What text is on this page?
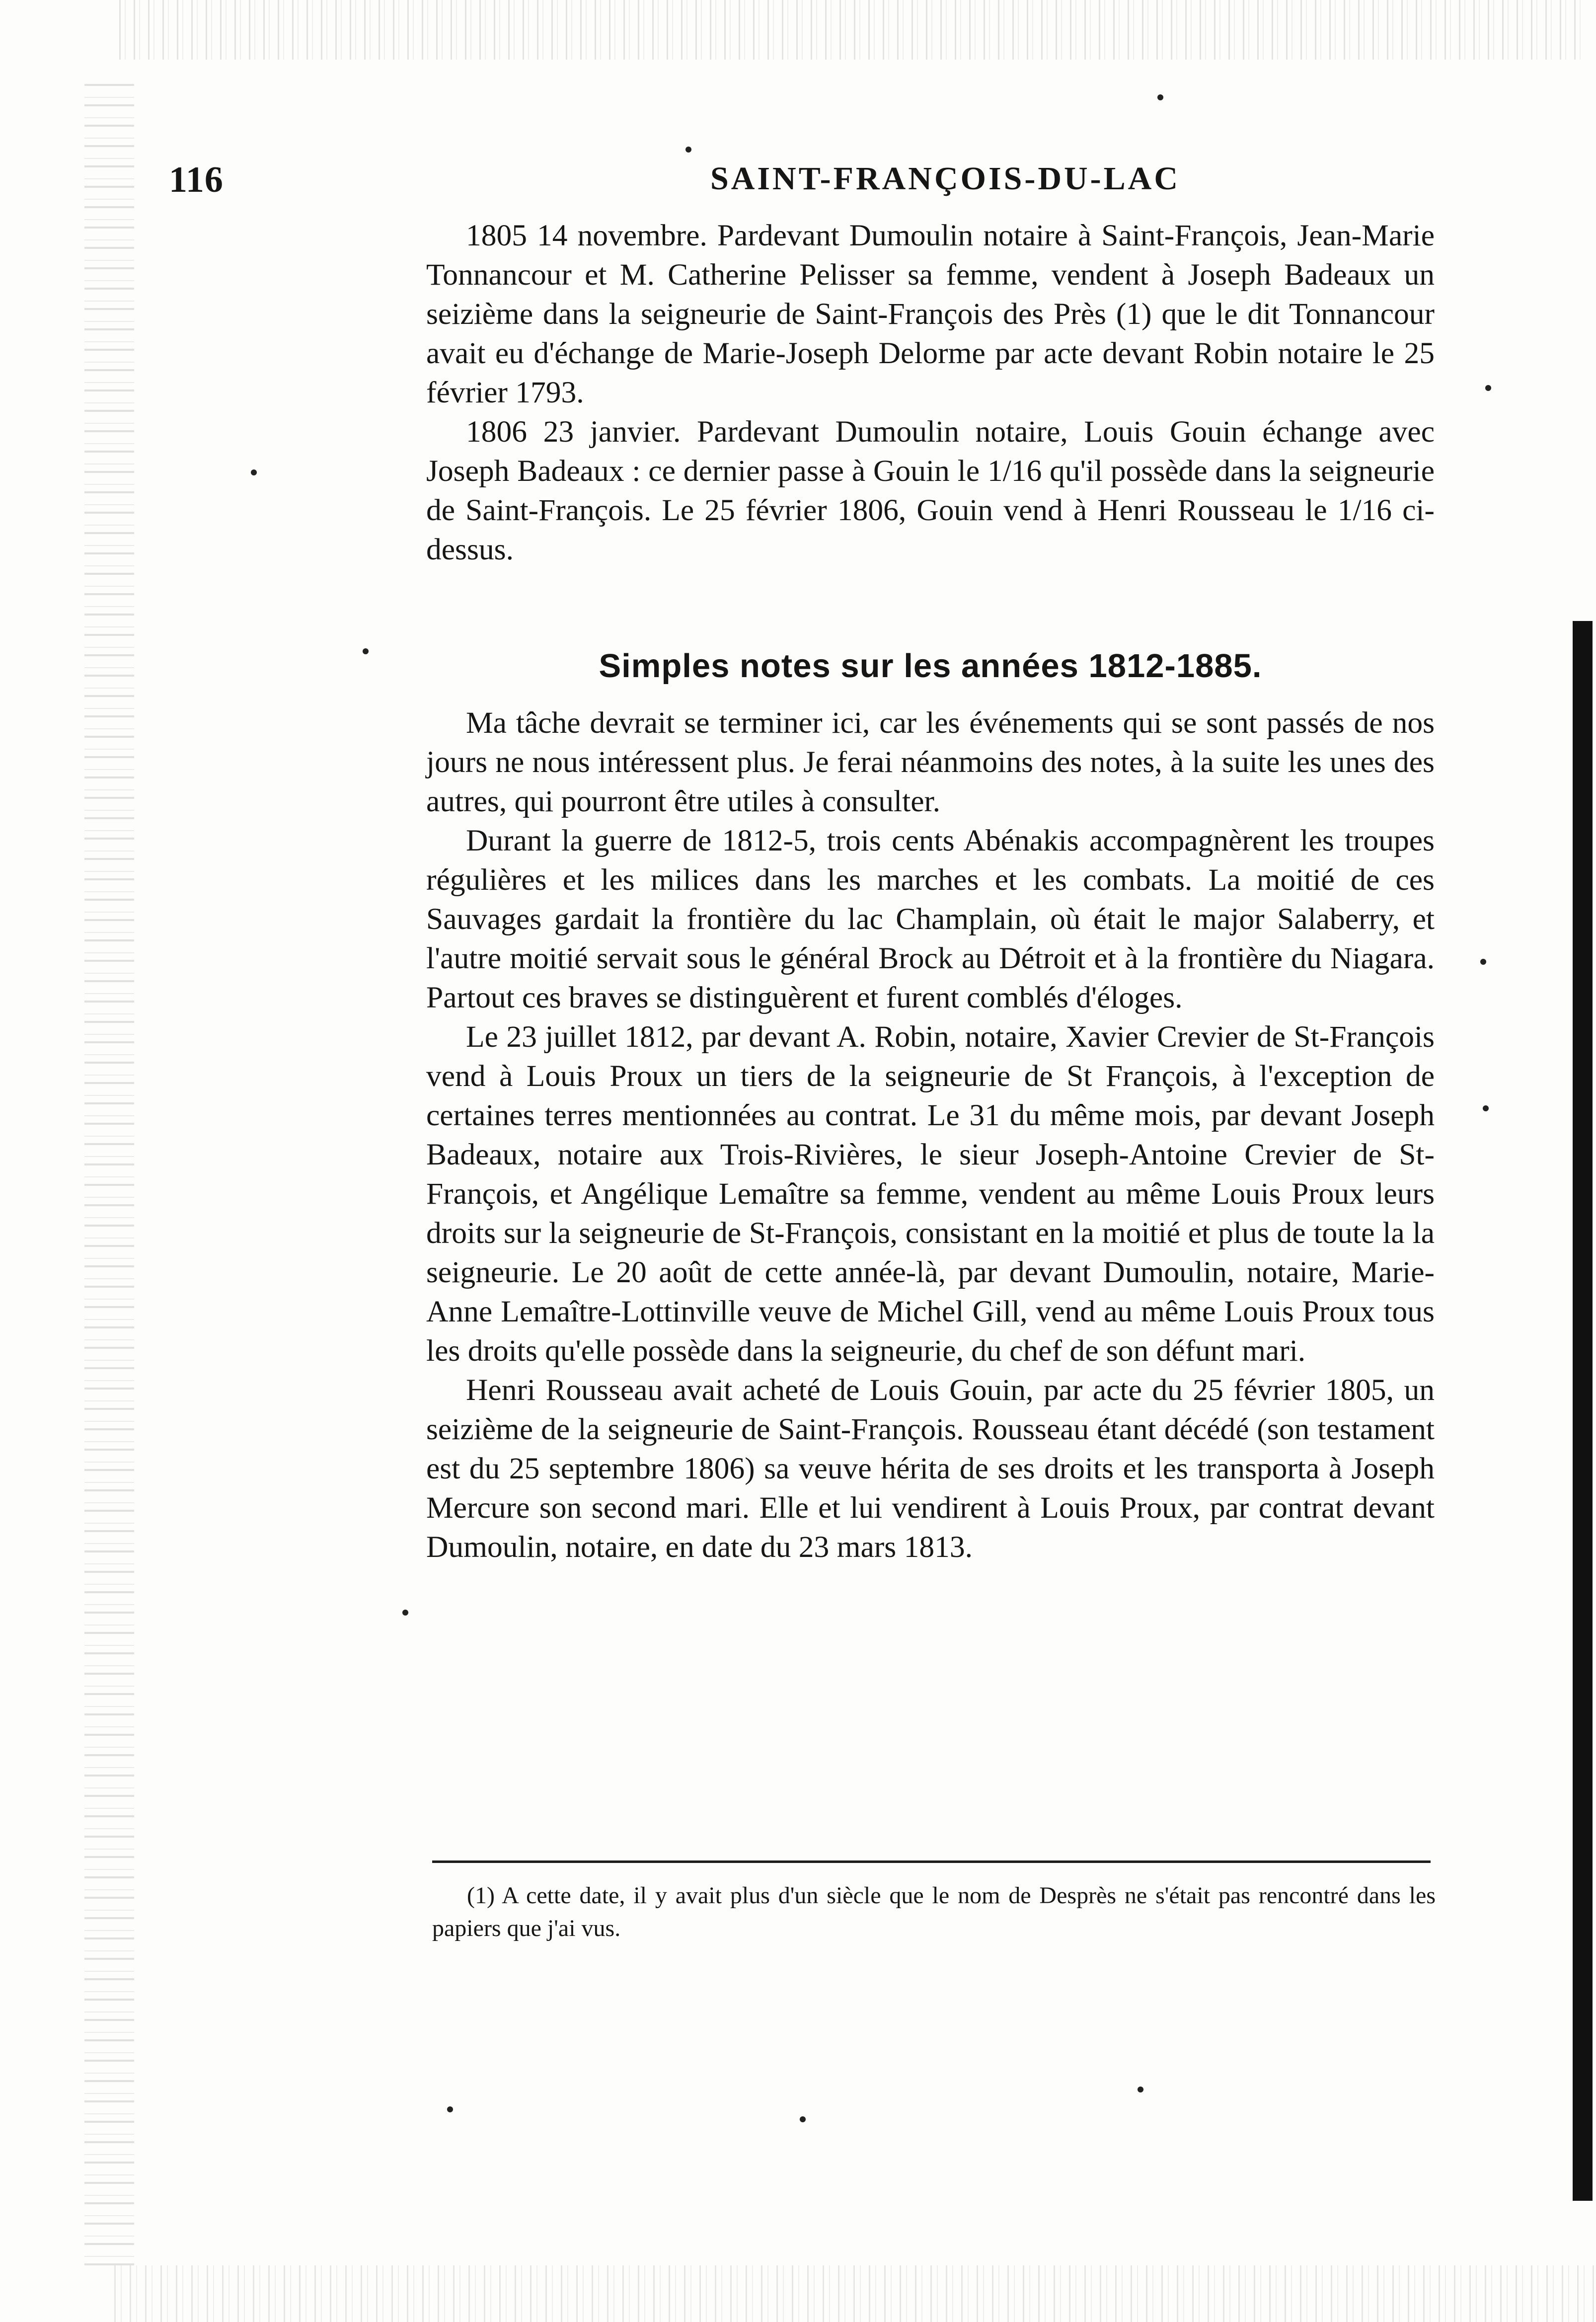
116	SAINT-FRANÇOIS-DU-LAC

1805 14 novembre. Pardevant Dumoulin notaire à Saint-François, Jean-Marie Tonnancour et M. Catherine Pelisser sa femme, vendent à Joseph Badeaux un seizième dans la seigneurie de Saint-François des Près (1) que le dit Tonnancour avait eu d'échange de Marie-Joseph Delorme par acte devant Robin notaire le 25 février 1793.

1806 23 janvier. Pardevant Dumoulin notaire, Louis Gouin échange avec Joseph Badeaux : ce dernier passe à Gouin le 1/16 qu'il possède dans la seigneurie de Saint-François. Le 25 février 1806, Gouin vend à Henri Rousseau le 1/16 ci-dessus.

Simples notes sur les années 1812-1885.

Ma tâche devrait se terminer ici, car les événements qui se sont passés de nos jours ne nous intéressent plus. Je ferai néanmoins des notes, à la suite les unes des autres, qui pourront être utiles à consulter.

Durant la guerre de 1812-5, trois cents Abénakis accompagnèrent les troupes régulières et les milices dans les marches et les combats. La moitié de ces Sauvages gardait la frontière du lac Champlain, où était le major Salaberry, et l'autre moitié servait sous le général Brock au Détroit et à la frontière du Niagara. Partout ces braves se distinguèrent et furent comblés d'éloges.

Le 23 juillet 1812, par devant A. Robin, notaire, Xavier Crevier de St-François vend à Louis Proux un tiers de la seigneurie de St François, à l'exception de certaines terres mentionnées au contrat. Le 31 du même mois, par devant Joseph Badeaux, notaire aux Trois-Rivières, le sieur Joseph-Antoine Crevier de St-François, et Angélique Lemaître sa femme, vendent au même Louis Proux leurs droits sur la seigneurie de St-François, consistant en la moitié et plus de toute la la seigneurie. Le 20 août de cette année-là, par devant Dumoulin, notaire, Marie-Anne Lemaître-Lottinville veuve de Michel Gill, vend au même Louis Proux tous les droits qu'elle possède dans la seigneurie, du chef de son défunt mari.

Henri Rousseau avait acheté de Louis Gouin, par acte du 25 février 1805, un seizième de la seigneurie de Saint-François. Rousseau étant décédé (son testament est du 25 septembre 1806) sa veuve hérita de ses droits et les transporta à Joseph Mercure son second mari. Elle et lui vendirent à Louis Proux, par contrat devant Dumoulin, notaire, en date du 23 mars 1813.

(1) A cette date, il y avait plus d'un siècle que le nom de Desprès ne s'était pas rencontré dans les papiers que j'ai vus.
